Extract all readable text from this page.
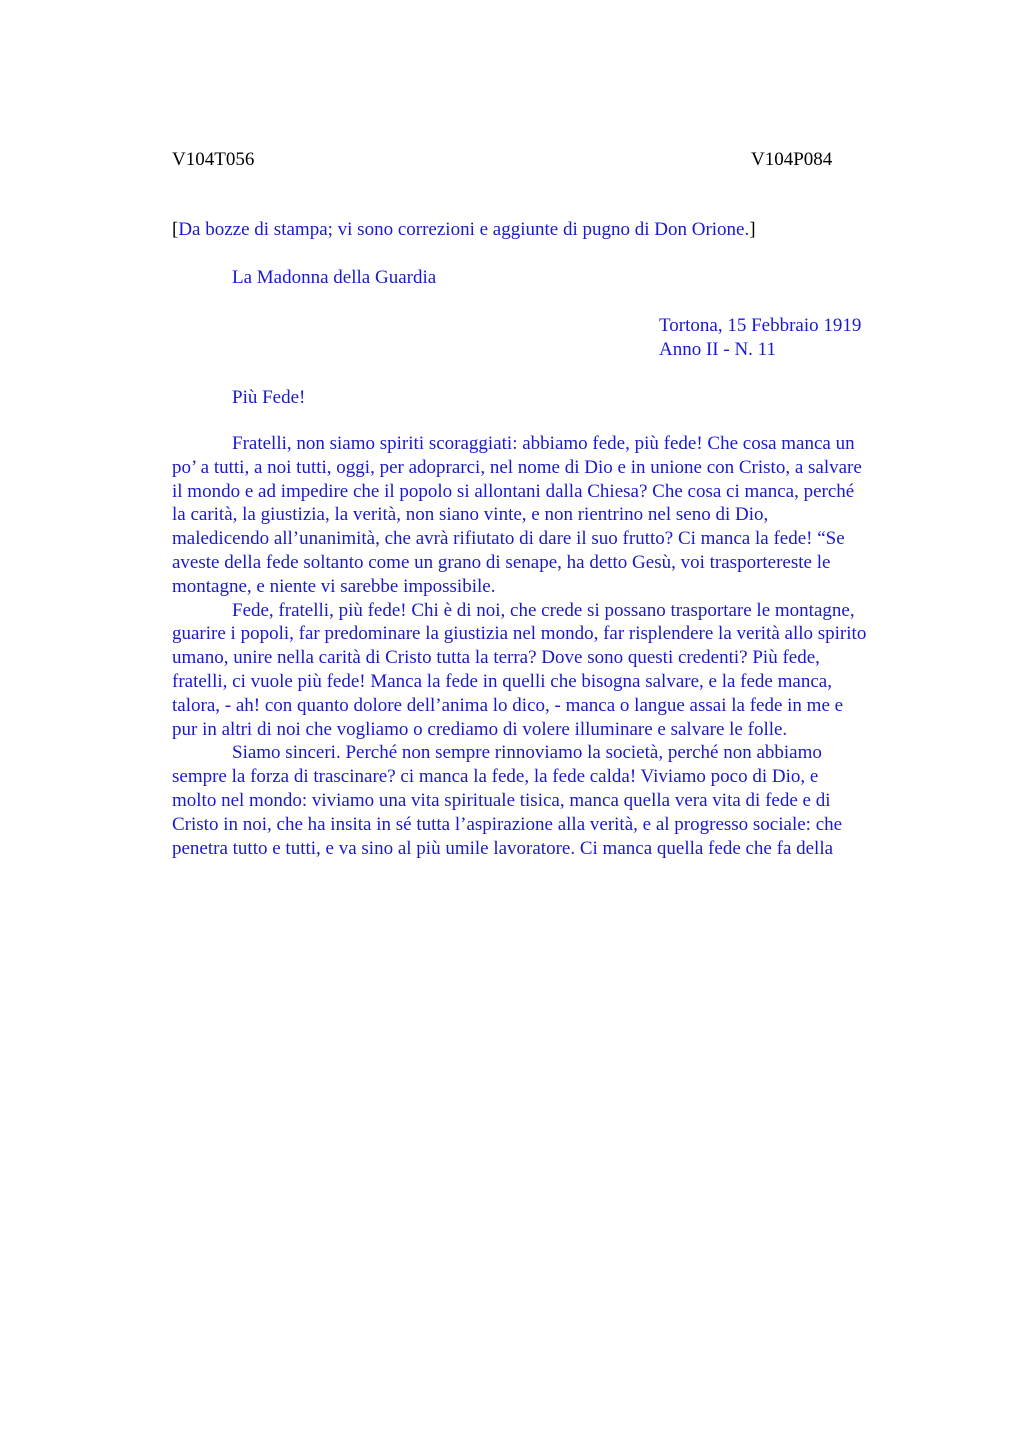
V104T056	V104P084
[Da bozze di stampa; vi sono correzioni e aggiunte di pugno di Don Orione.]
La Madonna della Guardia
Tortona, 15 Febbraio 1919
Anno II - N. 11
Più Fede!
Fratelli, non siamo spiriti scoraggiati: abbiamo fede, più fede! Che cosa manca un
po’ a tutti, a noi tutti, oggi, per adoprarci, nel nome di Dio e in unione con Cristo, a salvare
il mondo e ad impedire che il popolo si allontani dalla Chiesa? Che cosa ci manca, perché
la carità, la giustizia, la verità, non siano vinte, e non rientrino nel seno di Dio,
maledicendo all’unanimità, che avrà rifiutato di dare il suo frutto? Ci manca la fede! “Se
aveste della fede soltanto come un grano di senape, ha detto Gesù, voi trasportereste le
montagne, e niente vi sarebbe impossibile.
Fede, fratelli, più fede! Chi è di noi, che crede si possano trasportare le montagne,
guarire i popoli, far predominare la giustizia nel mondo, far risplendere la verità allo spirito
umano, unire nella carità di Cristo tutta la terra? Dove sono questi credenti? Più fede,
fratelli, ci vuole più fede! Manca la fede in quelli che bisogna salvare, e la fede manca,
talora, - ah! con quanto dolore dell’anima lo dico, - manca o langue assai la fede in me e
pur in altri di noi che vogliamo o crediamo di volere illuminare e salvare le folle.
Siamo sinceri. Perché non sempre rinnoviamo la società, perché non abbiamo
sempre la forza di trascinare? ci manca la fede, la fede calda! Viviamo poco di Dio, e
molto nel mondo: viviamo una vita spirituale tisica, manca quella vera vita di fede e di
Cristo in noi, che ha insita in sé tutta l’aspirazione alla verità, e al progresso sociale: che
penetra tutto e tutti, e va sino al più umile lavoratore. Ci manca quella fede che fa della
